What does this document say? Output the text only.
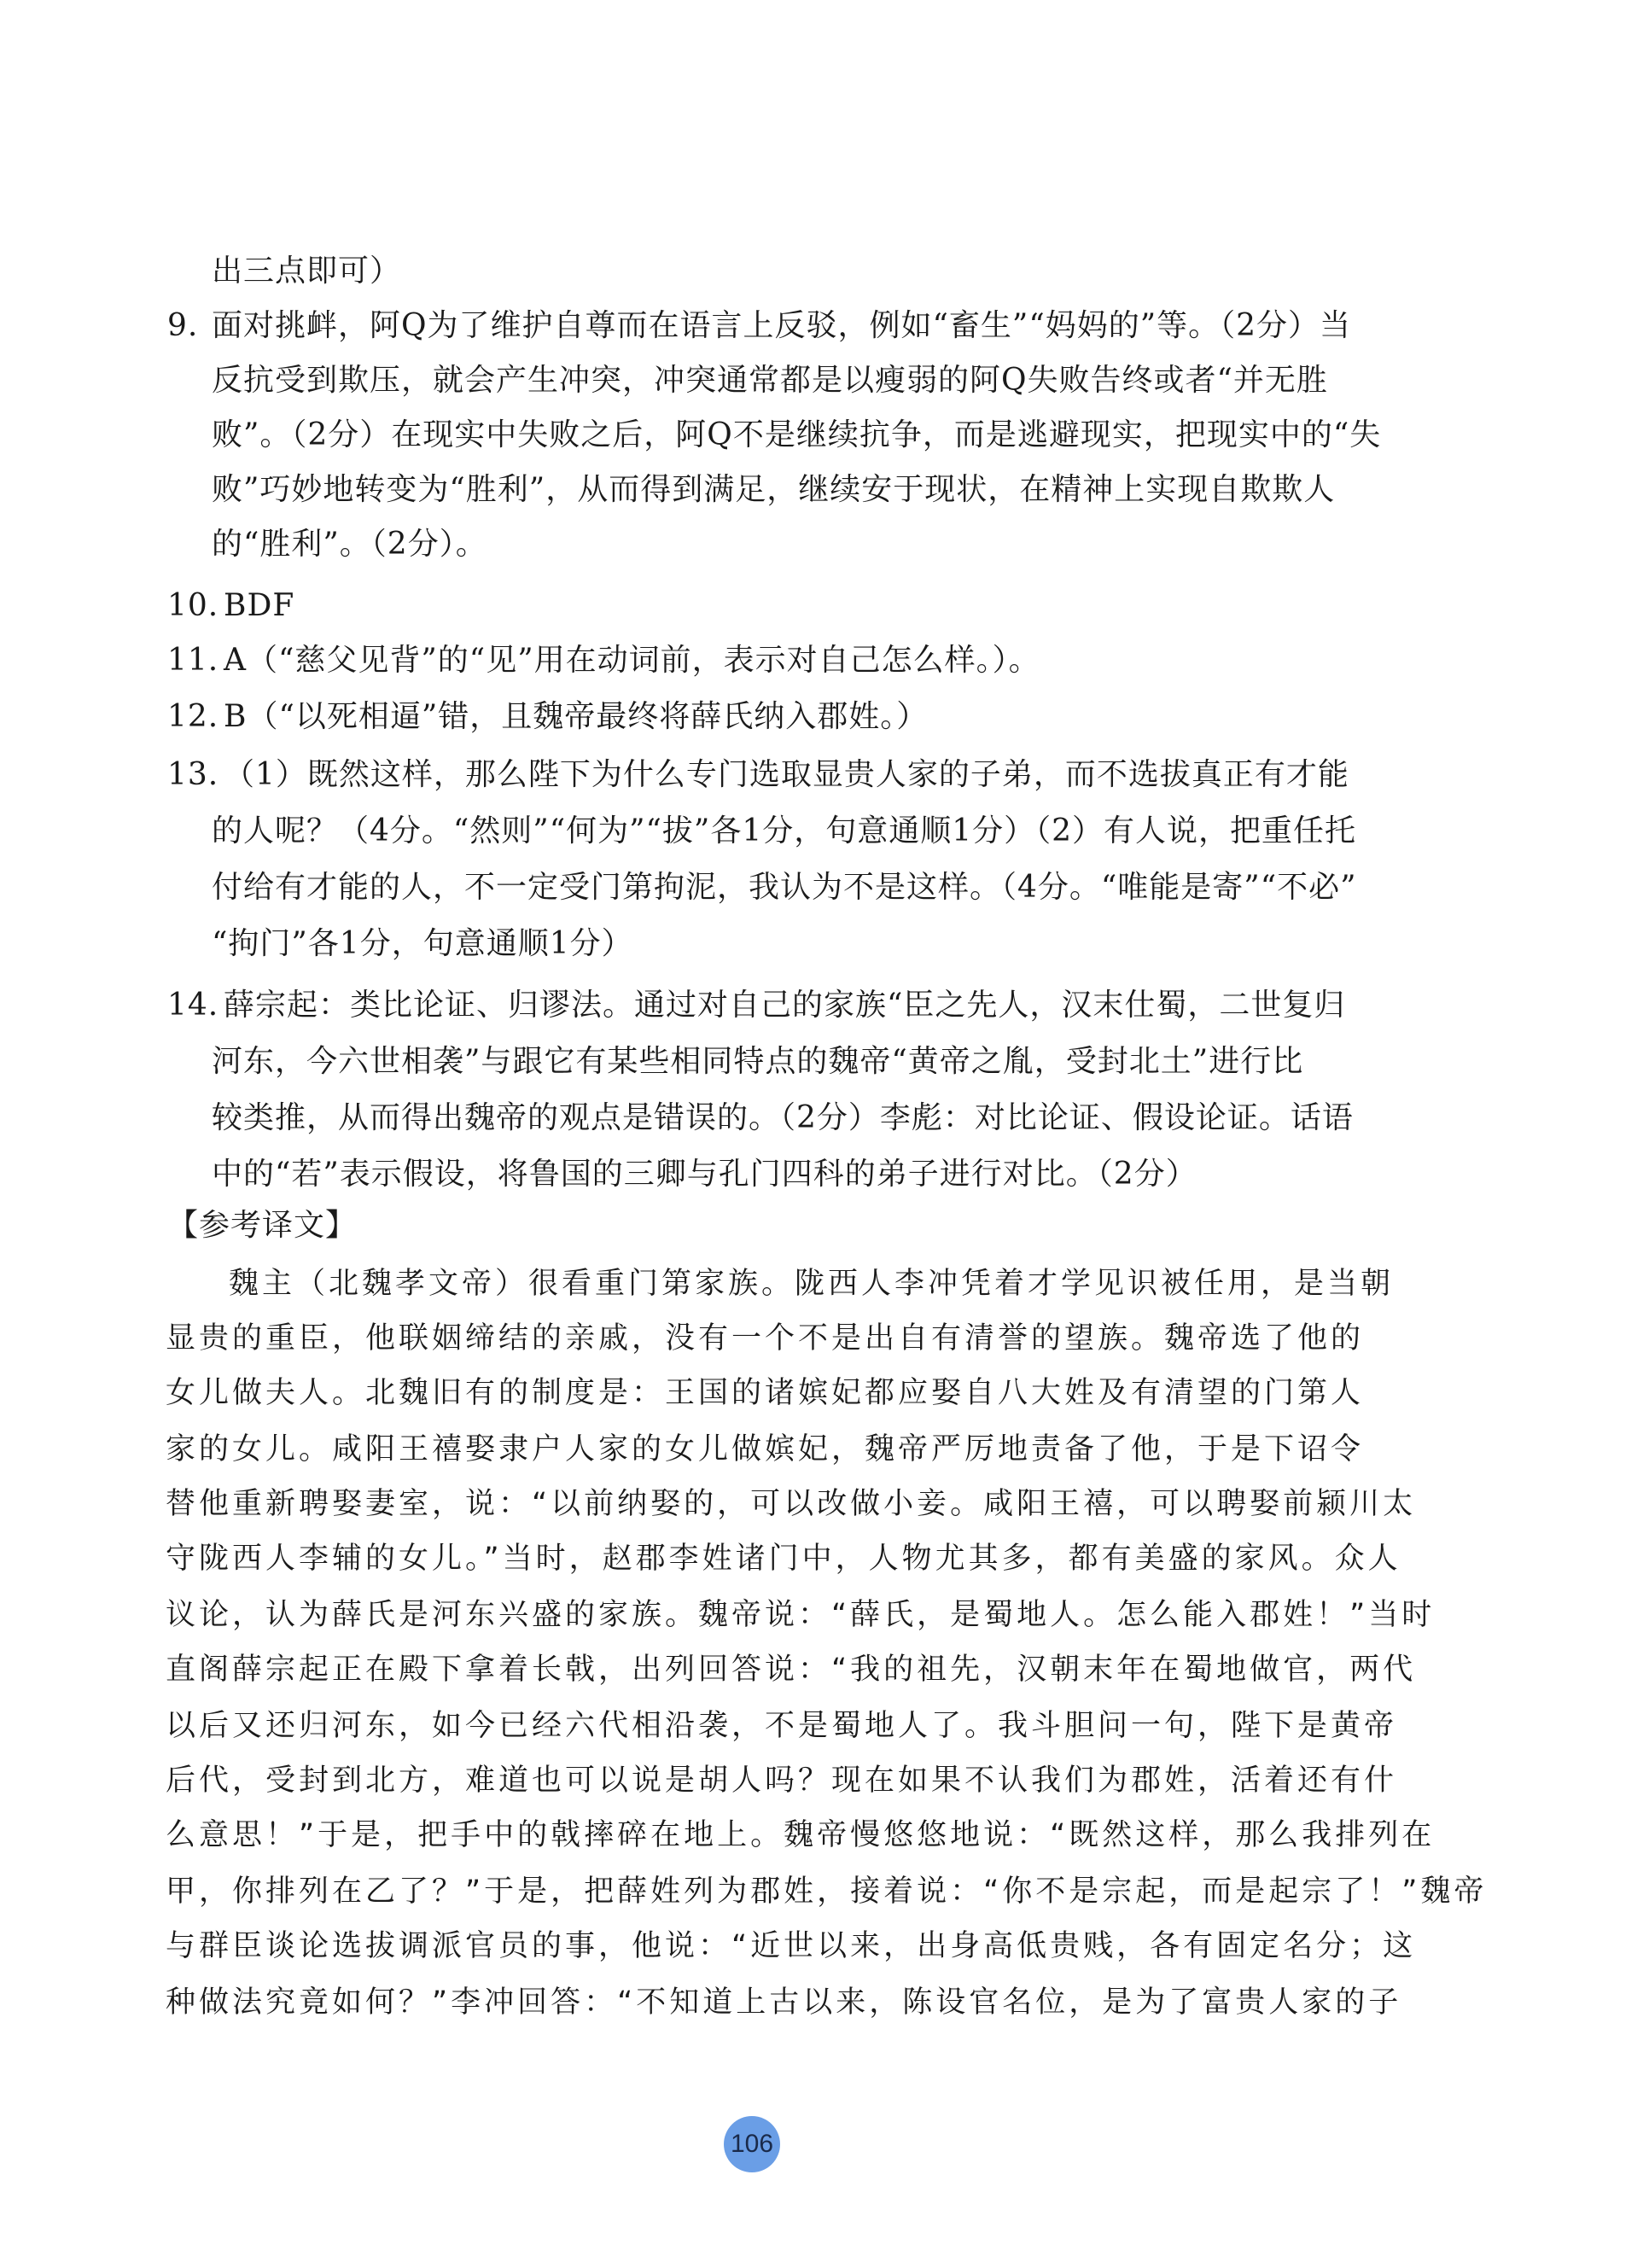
出三点即可）
9. 面对挑衅，阿Q为了维护自尊而在语言上反驳，例如“畜生”“妈妈的”等。（2分）当
反抗受到欺压，就会产生冲突，冲突通常都是以瘦弱的阿Q失败告终或者“并无胜
败”。（2分）在现实中失败之后，阿Q不是继续抗争，而是逃避现实，把现实中的“失
败”巧妙地转变为“胜利”，从而得到满足，继续安于现状，在精神上实现自欺欺人
的“胜利”。（2分）。
10. BDF
11. A（“慈父见背”的“见”用在动词前，表示对自己怎么样。）。
12. B（“以死相逼”错，且魏帝最终将薛氏纳入郡姓。）
13. （1）既然这样，那么陛下为什么专门选取显贵人家的子弟，而不选拔真正有才能
的人呢？（4分。“然则”“何为”“拔”各1分，句意通顺1分）（2）有人说，把重任托
付给有才能的人，不一定受门第拘泥，我认为不是这样。（4分。“唯能是寄”“不必”
“拘门”各1分，句意通顺1分）
14. 薛宗起：类比论证、归谬法。通过对自己的家族“臣之先人，汉末仕蜀，二世复归
河东，今六世相袭”与跟它有某些相同特点的魏帝“黄帝之胤，受封北土”进行比
较类推，从而得出魏帝的观点是错误的。（2分）李彪：对比论证、假设论证。话语
中的“若”表示假设，将鲁国的三卿与孔门四科的弟子进行对比。（2分）
【参考译文】
魏主（北魏孝文帝）很看重门第家族。陇西人李冲凭着才学见识被任用，是当朝
显贵的重臣，他联姻缔结的亲戚，没有一个不是出自有清誉的望族。魏帝选了他的
女儿做夫人。北魏旧有的制度是：王国的诸嫔妃都应娶自八大姓及有清望的门第人
家的女儿。咸阳王禧娶隶户人家的女儿做嫔妃，魏帝严厉地责备了他，于是下诏令
替他重新聘娶妻室，说：“以前纳娶的，可以改做小妾。咸阳王禧，可以聘娶前颍川太
守陇西人李辅的女儿。”当时，赵郡李姓诸门中，人物尤其多，都有美盛的家风。众人
议论，认为薛氏是河东兴盛的家族。魏帝说：“薛氏，是蜀地人。怎么能入郡姓！”当时
直阁薛宗起正在殿下拿着长戟，出列回答说：“我的祖先，汉朝末年在蜀地做官，两代
以后又还归河东，如今已经六代相沿袭，不是蜀地人了。我斗胆问一句，陛下是黄帝
后代，受封到北方，难道也可以说是胡人吗？现在如果不认我们为郡姓，活着还有什
么意思！”于是，把手中的戟摔碎在地上。魏帝慢悠悠地说：“既然这样，那么我排列在
甲，你排列在乙了？”于是，把薛姓列为郡姓，接着说：“你不是宗起，而是起宗了！”魏帝
与群臣谈论选拔调派官员的事，他说：“近世以来，出身高低贵贱，各有固定名分；这
种做法究竟如何？”李冲回答：“不知道上古以来，陈设官名位，是为了富贵人家的子
106
